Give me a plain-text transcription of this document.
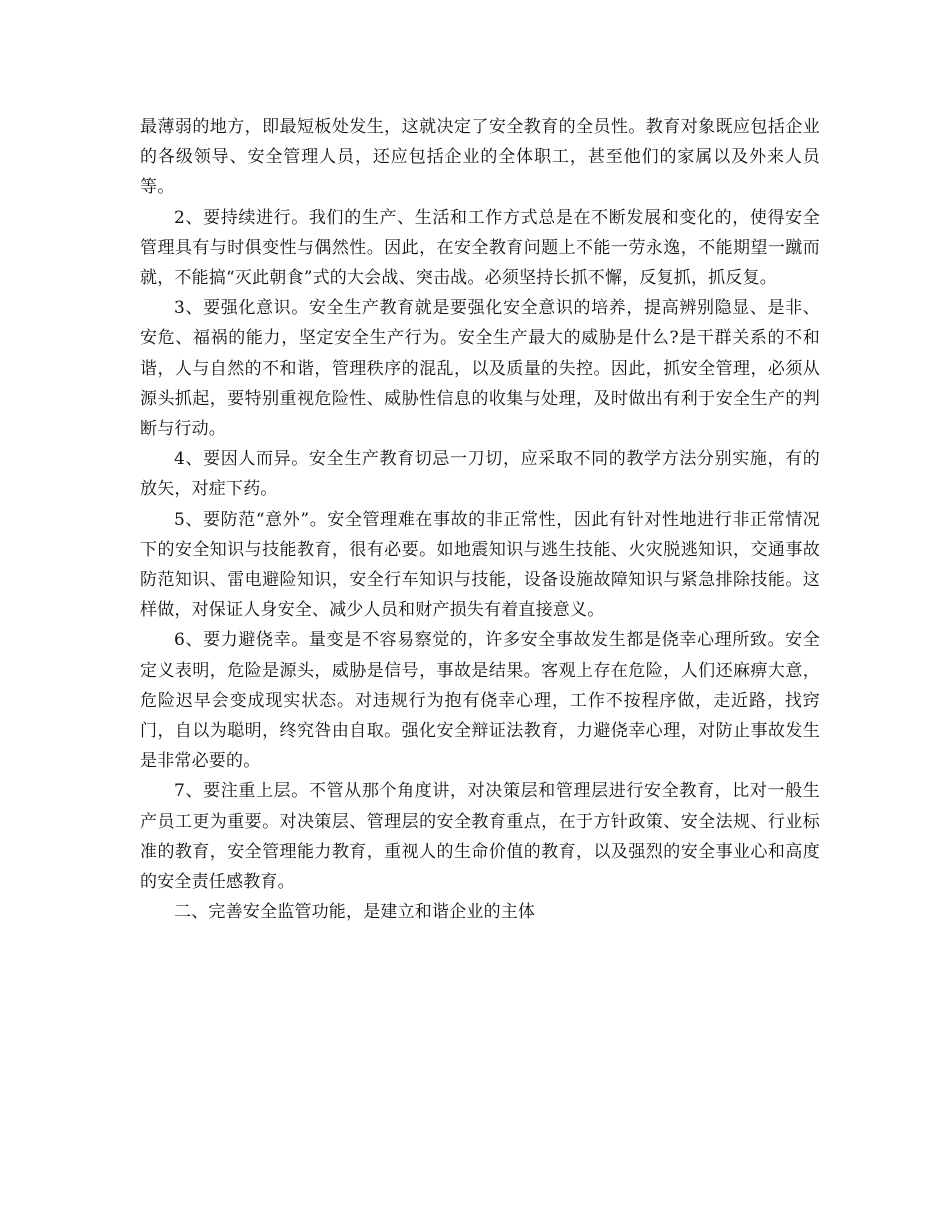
最薄弱的地方，即最短板处发生，这就决定了安全教育的全员性。教育对象既应包括企业的各级领导、安全管理人员，还应包括企业的全体职工，甚至他们的家属以及外来人员等。

2、要持续进行。我们的生产、生活和工作方式总是在不断发展和变化的，使得安全管理具有与时俱变性与偶然性。因此，在安全教育问题上不能一劳永逸，不能期望一蹴而就，不能搞“灭此朝食”式的大会战、突击战。必须坚持长抓不懈，反复抓，抓反复。

3、要强化意识。安全生产教育就是要强化安全意识的培养，提高辨别隐显、是非、安危、福祸的能力，坚定安全生产行为。安全生产最大的威胁是什么?是干群关系的不和谐，人与自然的不和谐，管理秩序的混乱，以及质量的失控。因此，抓安全管理，必须从源头抓起，要特别重视危险性、威胁性信息的收集与处理，及时做出有利于安全生产的判断与行动。

4、要因人而异。安全生产教育切忌一刀切，应采取不同的教学方法分别实施，有的放矢，对症下药。

5、要防范“意外”。安全管理难在事故的非正常性，因此有针对性地进行非正常情况下的安全知识与技能教育，很有必要。如地震知识与逃生技能、火灾脱逃知识，交通事故防范知识、雷电避险知识，安全行车知识与技能，设备设施故障知识与紧急排除技能。这样做，对保证人身安全、减少人员和财产损失有着直接意义。

6、要力避侥幸。量变是不容易察觉的，许多安全事故发生都是侥幸心理所致。安全定义表明，危险是源头，威胁是信号，事故是结果。客观上存在危险，人们还麻痹大意，危险迟早会变成现实状态。对违规行为抱有侥幸心理，工作不按程序做，走近路，找窍门，自以为聪明，终究咎由自取。强化安全辩证法教育，力避侥幸心理，对防止事故发生是非常必要的。

7、要注重上层。不管从那个角度讲，对决策层和管理层进行安全教育，比对一般生产员工更为重要。对决策层、管理层的安全教育重点，在于方针政策、安全法规、行业标准的教育，安全管理能力教育，重视人的生命价值的教育，以及强烈的安全事业心和高度的安全责任感教育。

二、完善安全监管功能，是建立和谐企业的主体
